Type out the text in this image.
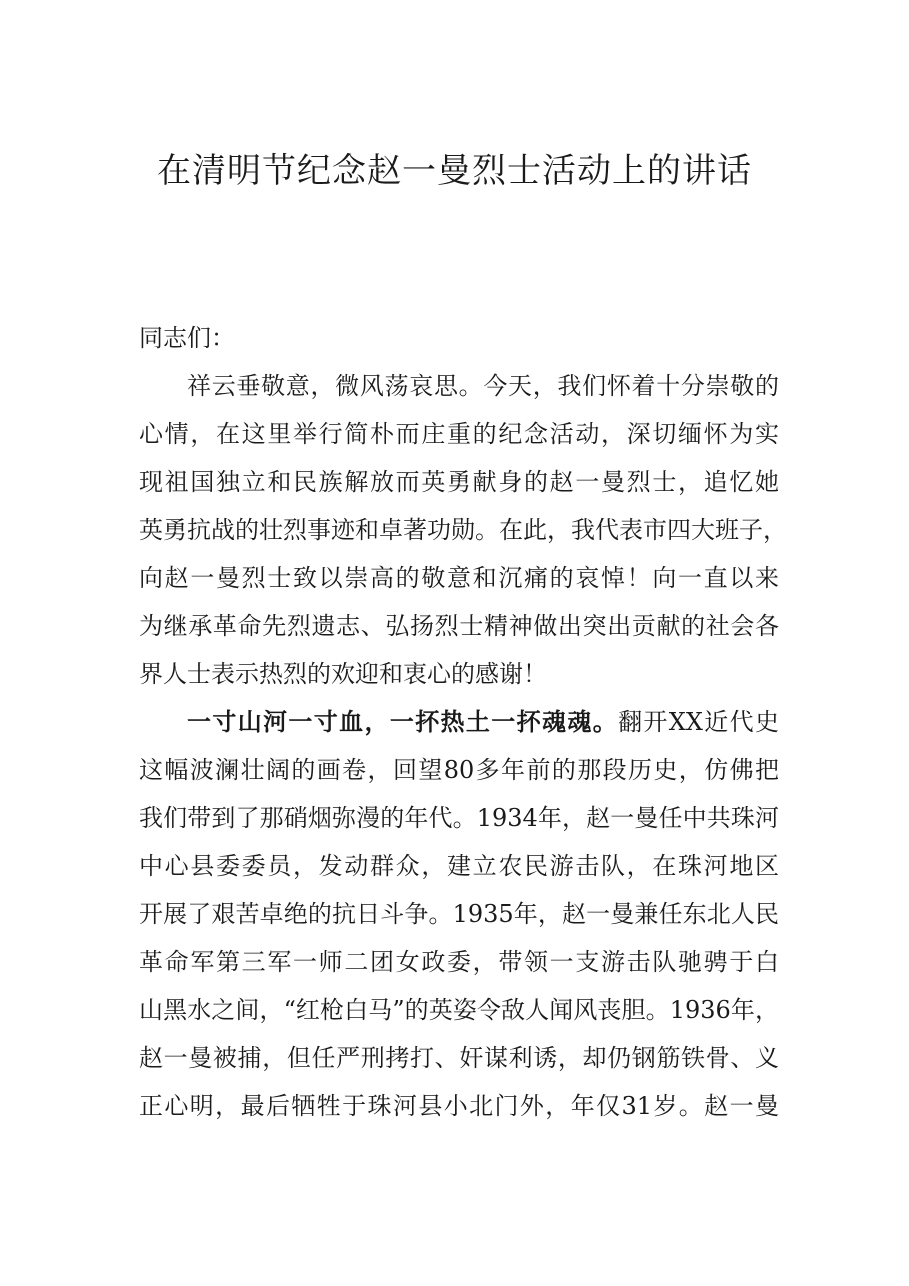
在清明节纪念赵一曼烈士活动上的讲话

同志们：

祥云垂敬意，微风荡哀思。今天，我们怀着十分崇敬的

心情，在这里举行简朴而庄重的纪念活动，深切缅怀为实

现祖国独立和民族解放而英勇献身的赵一曼烈士，追忆她

英勇抗战的壮烈事迹和卓著功勋。在此，我代表市四大班子，

向赵一曼烈士致以崇高的敬意和沉痛的哀悼！向一直以来

为继承革命先烈遗志、弘扬烈士精神做出突出贡献的社会各

界人士表示热烈的欢迎和衷心的感谢！

一寸山河一寸血，一抔热土一抔魂魂。翻开XX近代史

这幅波澜壮阔的画卷，回望80多年前的那段历史，仿佛把

我们带到了那硝烟弥漫的年代。1934年，赵一曼任中共珠河

中心县委委员，发动群众，建立农民游击队，在珠河地区

开展了艰苦卓绝的抗日斗争。1935年，赵一曼兼任东北人民

革命军第三军一师二团女政委，带领一支游击队驰骋于白

山黑水之间，“红枪白马”的英姿令敌人闻风丧胆。1936年，

赵一曼被捕，但任严刑拷打、奸谋利诱，却仍钢筋铁骨、义

正心明，最后牺牲于珠河县小北门外，年仅31岁。赵一曼
